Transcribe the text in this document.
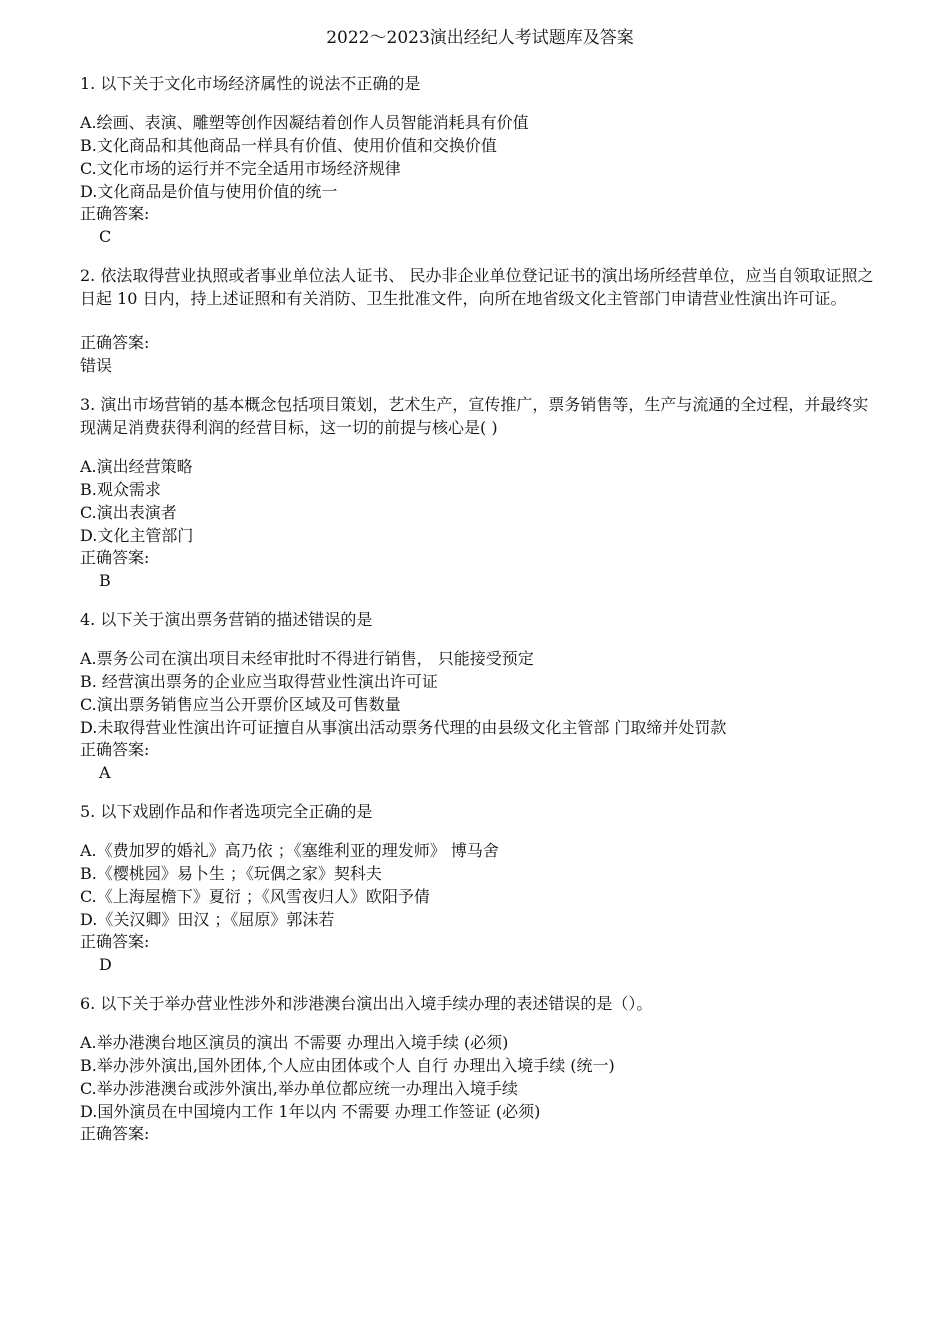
2022～2023演出经纪人考试题库及答案
1. 以下关于文化市场经济属性的说法不正确的是
A.绘画、表演、雕塑等创作因凝结着创作人员智能消耗具有价值
B.文化商品和其他商品一样具有价值、使用价值和交换价值
C.文化市场的运行并不完全适用市场经济规律
D.文化商品是价值与使用价值的统一
正确答案:
C
2. 依法取得营业执照或者事业单位法人证书、 民办非企业单位登记证书的演出场所经营单位，应当自领取证照之日起 10 日内，持上述证照和有关消防、卫生批准文件，向所在地省级文化主管部门申请营业性演出许可证。
正确答案:
错误
3. 演出市场营销的基本概念包括项目策划，艺术生产，宣传推广，票务销售等，生产与流通的全过程，并最终实现满足消费获得利润的经营目标，这一切的前提与核心是( )
A.演出经营策略
B.观众需求
C.演出表演者
D.文化主管部门
正确答案:
B
4. 以下关于演出票务营销的描述错误的是
A.票务公司在演出项目未经审批时不得进行销售， 只能接受预定
B. 经营演出票务的企业应当取得营业性演出许可证
C.演出票务销售应当公开票价区域及可售数量
D.未取得营业性演出许可证擅自从事演出活动票务代理的由县级文化主管部 门取缔并处罚款
正确答案:
A
5. 以下戏剧作品和作者选项完全正确的是
A.《费加罗的婚礼》高乃依 ；《塞维利亚的理发师》 博马舍
B.《樱桃园》易卜生 ；《玩偶之家》契科夫
C.《上海屋檐下》夏衍 ；《风雪夜归人》欧阳予倩
D.《关汉卿》田汉 ；《屈原》郭沫若
正确答案:
D
6. 以下关于举办营业性涉外和涉港澳台演出出入境手续办理的表述错误的是（）。
A.举办港澳台地区演员的演出 不需要 办理出入境手续 (必须)
B.举办涉外演出,国外团体,个人应由团体或个人 自行 办理出入境手续 (统一)
C.举办涉港澳台或涉外演出,举办单位都应统一办理出入境手续
D.国外演员在中国境内工作 1年以内 不需要 办理工作签证 (必须)
正确答案:
